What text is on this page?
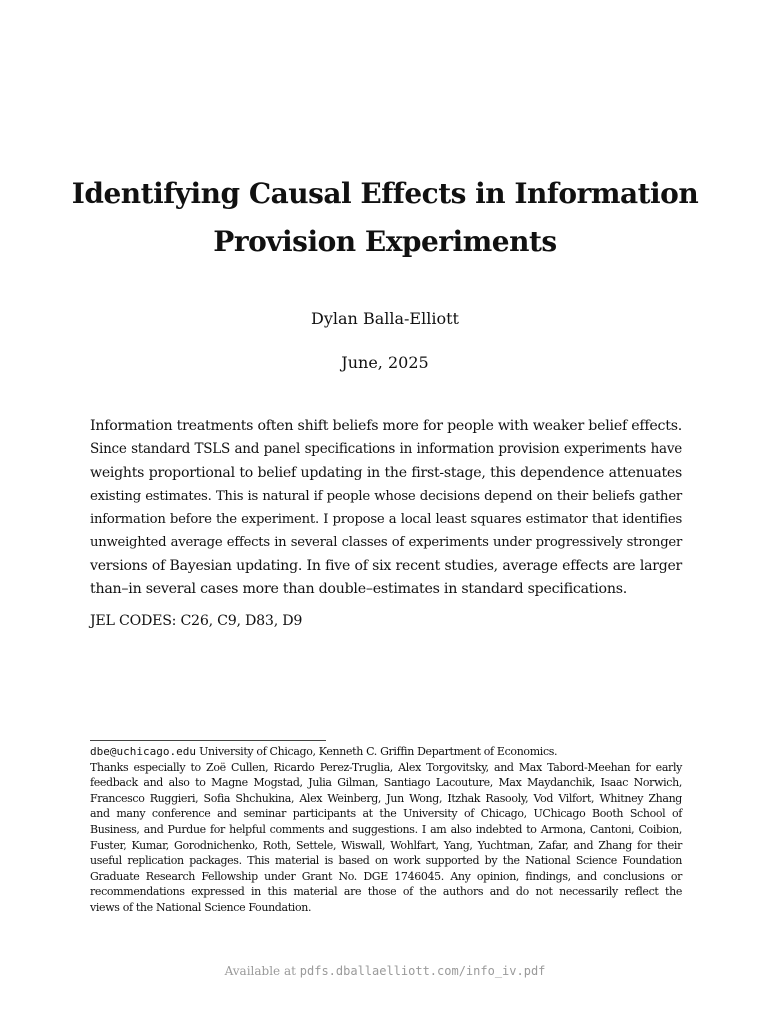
Identifying Causal Effects in Information
Provision Experiments
Dylan Balla-Elliott
June, 2025
Information treatments often shift beliefs more for people with weaker belief effects.
Since standard TSLS and panel specifications in information provision experiments have
weights proportional to belief updating in the first-stage, this dependence attenuates
existing estimates. This is natural if people whose decisions depend on their beliefs gather
information before the experiment. I propose a local least squares estimator that identifies
unweighted average effects in several classes of experiments under progressively stronger
versions of Bayesian updating. In five of six recent studies, average effects are larger
than–in several cases more than double–estimates in standard specifications.
JEL CODES: C26, C9, D83, D9
dbe@uchicago.edu University of Chicago, Kenneth C. Griffin Department of Economics.
Thanks especially to Zoë Cullen, Ricardo Perez-Truglia, Alex Torgovitsky, and Max Tabord-Meehan for early
feedback and also to Magne Mogstad, Julia Gilman, Santiago Lacouture, Max Maydanchik, Isaac Norwich,
Francesco Ruggieri, Sofia Shchukina, Alex Weinberg, Jun Wong, Itzhak Rasooly, Vod Vilfort, Whitney Zhang
and many conference and seminar participants at the University of Chicago, UChicago Booth School of
Business, and Purdue for helpful comments and suggestions. I am also indebted to Armona, Cantoni, Coibion,
Fuster, Kumar, Gorodnichenko, Roth, Settele, Wiswall, Wohlfart, Yang, Yuchtman, Zafar, and Zhang for their
useful replication packages. This material is based on work supported by the National Science Foundation
Graduate Research Fellowship under Grant No. DGE 1746045. Any opinion, findings, and conclusions or
recommendations expressed in this material are those of the authors and do not necessarily reflect the
views of the National Science Foundation.
Available at pdfs.dballaelliott.com/info_iv.pdf
